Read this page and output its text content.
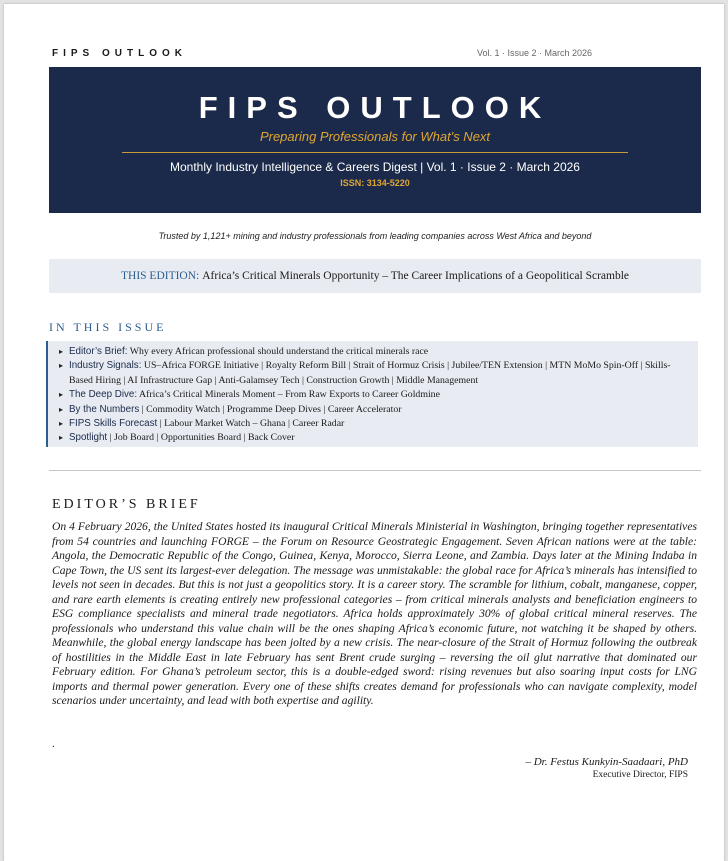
FIPS OUTLOOK	Vol. 1 · Issue 2 · March 2026
FIPS OUTLOOK
Preparing Professionals for What's Next
Monthly Industry Intelligence & Careers Digest | Vol. 1 · Issue 2 · March 2026
ISSN: 3134-5220
Trusted by 1,121+ mining and industry professionals from leading companies across West Africa and beyond
THIS EDITION: Africa’s Critical Minerals Opportunity – The Career Implications of a Geopolitical Scramble
IN THIS ISSUE
▸ Editor’s Brief: Why every African professional should understand the critical minerals race
▸ Industry Signals: US–Africa FORGE Initiative | Royalty Reform Bill | Strait of Hormuz Crisis | Jubilee/TEN Extension | MTN MoMo Spin-Off | Skills-Based Hiring | AI Infrastructure Gap | Anti-Galamsey Tech | Construction Growth | Middle Management
▸ The Deep Dive: Africa’s Critical Minerals Moment – From Raw Exports to Career Goldmine
▸ By the Numbers | Commodity Watch | Programme Deep Dives | Career Accelerator
▸ FIPS Skills Forecast | Labour Market Watch – Ghana | Career Radar
▸ Spotlight | Job Board | Opportunities Board | Back Cover
EDITOR’S BRIEF
On 4 February 2026, the United States hosted its inaugural Critical Minerals Ministerial in Washington, bringing together representatives from 54 countries and launching FORGE – the Forum on Resource Geostrategic Engagement. Seven African nations were at the table: Angola, the Democratic Republic of the Congo, Guinea, Kenya, Morocco, Sierra Leone, and Zambia. Days later at the Mining Indaba in Cape Town, the US sent its largest-ever delegation. The message was unmistakable: the global race for Africa’s minerals has intensified to levels not seen in decades. But this is not just a geopolitics story. It is a career story. The scramble for lithium, cobalt, manganese, copper, and rare earth elements is creating entirely new professional categories – from critical minerals analysts and beneficiation engineers to ESG compliance specialists and mineral trade negotiators. Africa holds approximately 30% of global critical mineral reserves. The professionals who understand this value chain will be the ones shaping Africa’s economic future, not watching it be shaped by others. Meanwhile, the global energy landscape has been jolted by a new crisis. The near-closure of the Strait of Hormuz following the outbreak of hostilities in the Middle East in late February has sent Brent crude surging – reversing the oil glut narrative that dominated our February edition. For Ghana’s petroleum sector, this is a double-edged sword: rising revenues but also soaring input costs for LNG imports and thermal power generation. Every one of these shifts creates demand for professionals who can navigate complexity, model scenarios under uncertainty, and lead with both expertise and agility.
.
– Dr. Festus Kunkyin-Saadaari, PhD
Executive Director, FIPS
